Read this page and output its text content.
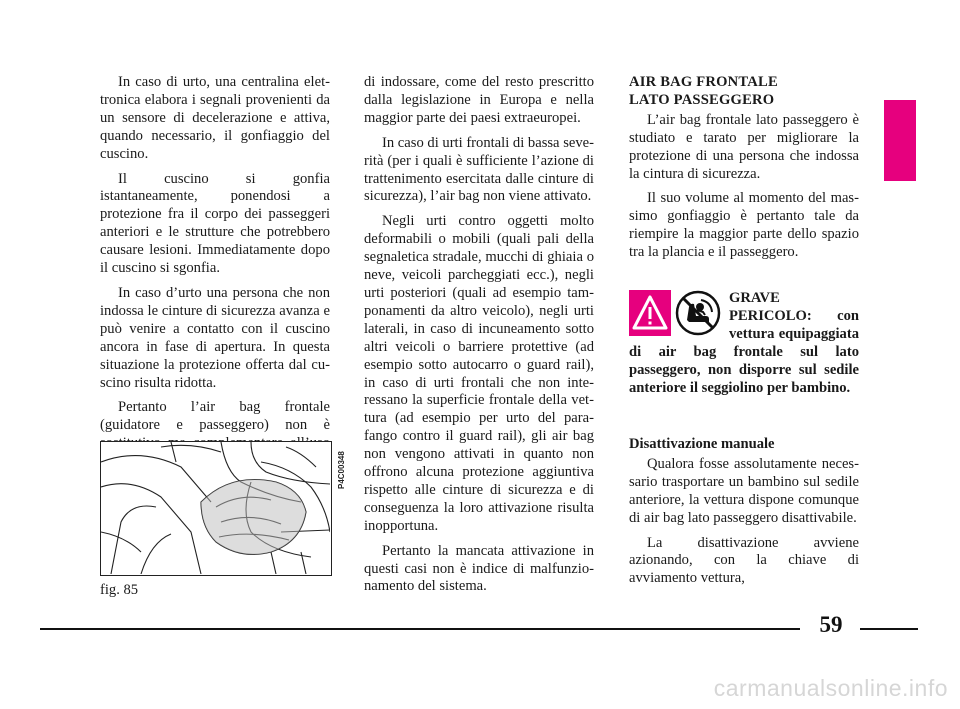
In caso di urto, una centralina elettronica elabora i segnali provenienti da un sensore di decelerazione e attiva, quando necessario, il gonfiaggio del cuscino.

Il cuscino si gonfia istantaneamente, ponendosi a protezione fra il corpo dei passeggeri anteriori e le strutture che potrebbero causare lesioni. Immediatamente dopo il cuscino si sgonfia.

In caso d’urto una persona che non indossa le cinture di sicurezza avanza e può venire a contatto con il cuscino ancora in fase di apertura. In questa situazione la protezione offerta dal cuscino risulta ridotta.

Pertanto l’air bag frontale (guidatore e passeggero) non è

di indossare, come del resto prescritto dalla legislazione in Europa e nella maggior parte dei paesi extraeuropei.

In caso di urti frontali di bassa severità (per i quali è sufficiente l’azione di trattenimento esercitata dalle cinture di sicurezza), l’air bag non viene attivato.

Negli urti contro oggetti molto deformabili o mobili (quali pali della segnaletica stradale, mucchi di ghiaia o neve, veicoli parcheggiati ecc.), negli urti posteriori (quali ad esempio tamponamenti da altro veicolo), negli urti laterali, in caso di incuneamento sotto altri veicoli o barriere protettive (ad esempio sotto autocarro o guard rail), in caso di urti frontali che non interessano la superficie frontale della vettura (ad esempio per urto del parafango contro il guard rail), gli air bag non vengono attivati in quanto non offrono alcuna protezione aggiuntiva rispetto alle cinture di sicurezza e di conseguenza la loro attivazione risulta inopportuna.

Pertanto la mancata attivazione in questi casi non è indice di malfunzionamento del sistema.

AIR BAG FRONTALE
LATO PASSEGGERO

L’air bag frontale lato passeggero è studiato e tarato per migliorare la protezione di una persona che indossa la cintura di sicurezza.

Il suo volume al momento del massimo gonfiaggio è pertanto tale da riempire la maggior parte dello spazio tra la plancia e il passeggero.

GRAVE PERICOLO: con vettura equipaggiata di air bag frontale sul lato passeggero, non disporre sul sedile anteriore il seggiolino per bambino.

Disattivazione manuale

Qualora fosse assolutamente necessario trasportare un bambino sul sedile anteriore, la vettura dispone comunque di air bag lato passeggero disattivabile.

La disattivazione avviene azionando, con la chiave di avviamento vettura,

P4C00348
fig. 85
59
carmanualsonline.info
